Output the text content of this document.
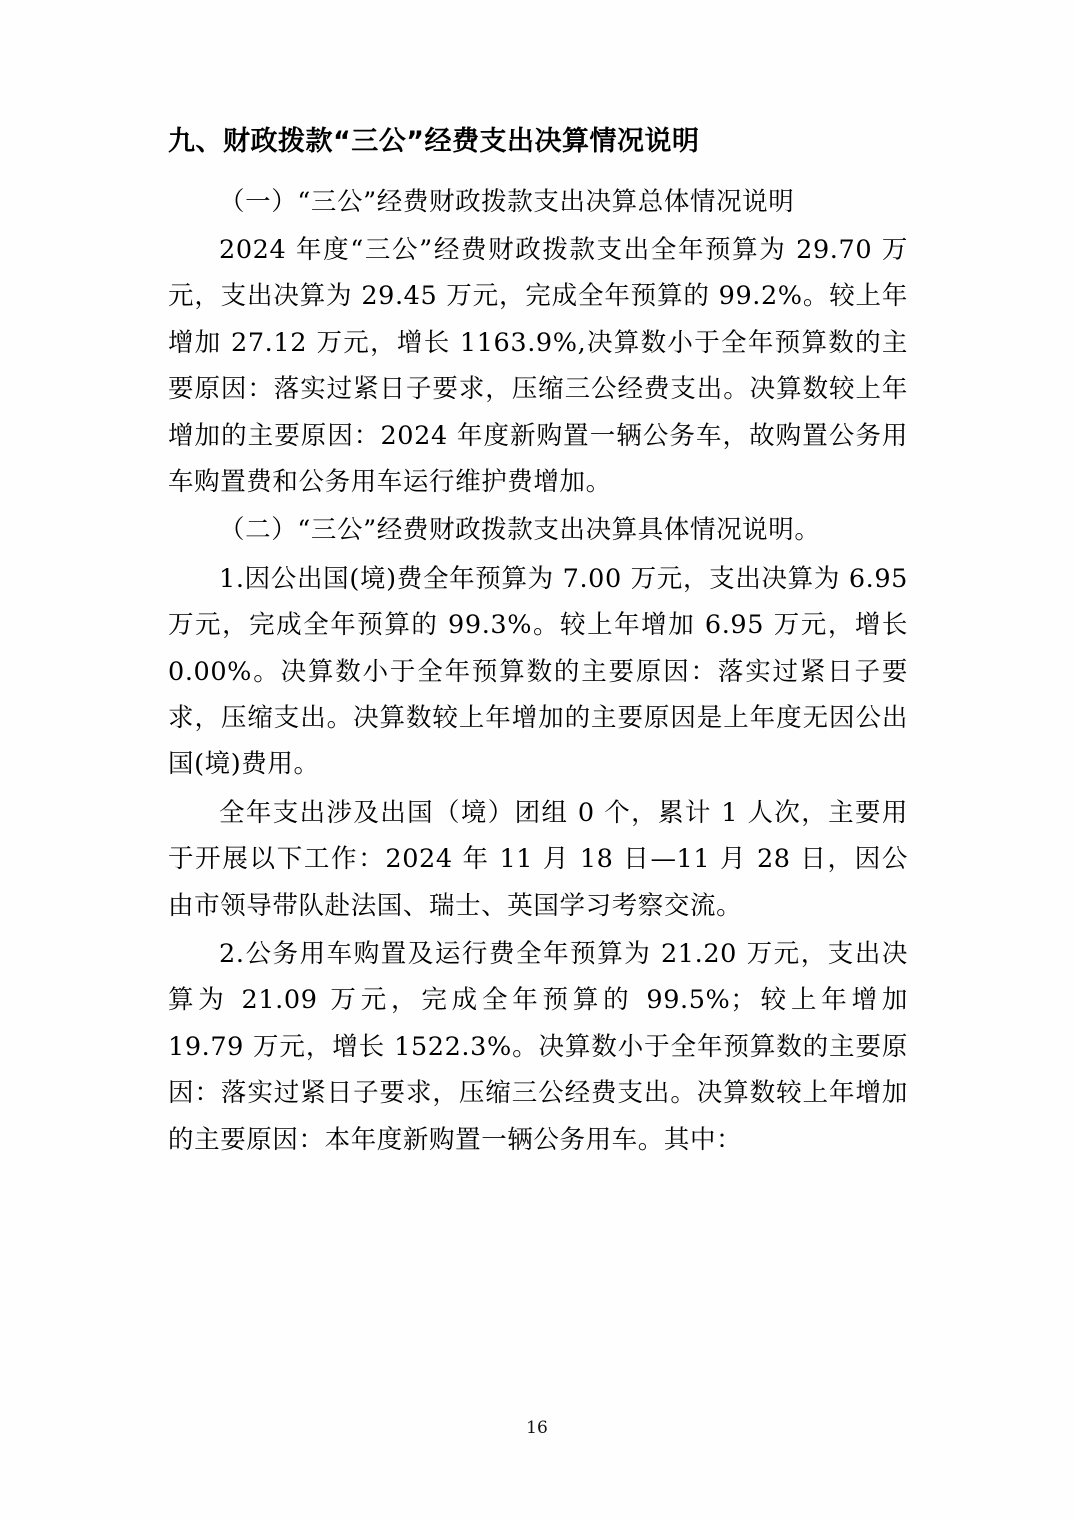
九、财政拨款“三公”经费支出决算情况说明

（一）“三公”经费财政拨款支出决算总体情况说明

2024 年度“三公”经费财政拨款支出全年预算为 29.70 万元，支出决算为 29.45 万元，完成全年预算的 99.2%。较上年增加 27.12 万元，增长 1163.9%,决算数小于全年预算数的主要原因：落实过紧日子要求，压缩三公经费支出。决算数较上年增加的主要原因：2024 年度新购置一辆公务车，故购置公务用车购置费和公务用车运行维护费增加。

（二）“三公”经费财政拨款支出决算具体情况说明。

1.因公出国(境)费全年预算为 7.00 万元，支出决算为 6.95 万元，完成全年预算的 99.3%。较上年增加 6.95 万元，增长 0.00%。决算数小于全年预算数的主要原因：落实过紧日子要求，压缩支出。决算数较上年增加的主要原因是上年度无因公出国(境)费用。

全年支出涉及出国（境）团组 0 个，累计 1 人次，主要用于开展以下工作：2024 年 11 月 18 日—11 月 28 日，因公由市领导带队赴法国、瑞士、英国学习考察交流。

2.公务用车购置及运行费全年预算为 21.20 万元，支出决算为 21.09 万元，完成全年预算的 99.5%；较上年增加 19.79 万元，增长 1522.3%。决算数小于全年预算数的主要原因：落实过紧日子要求，压缩三公经费支出。决算数较上年增加的主要原因：本年度新购置一辆公务用车。其中：

16
